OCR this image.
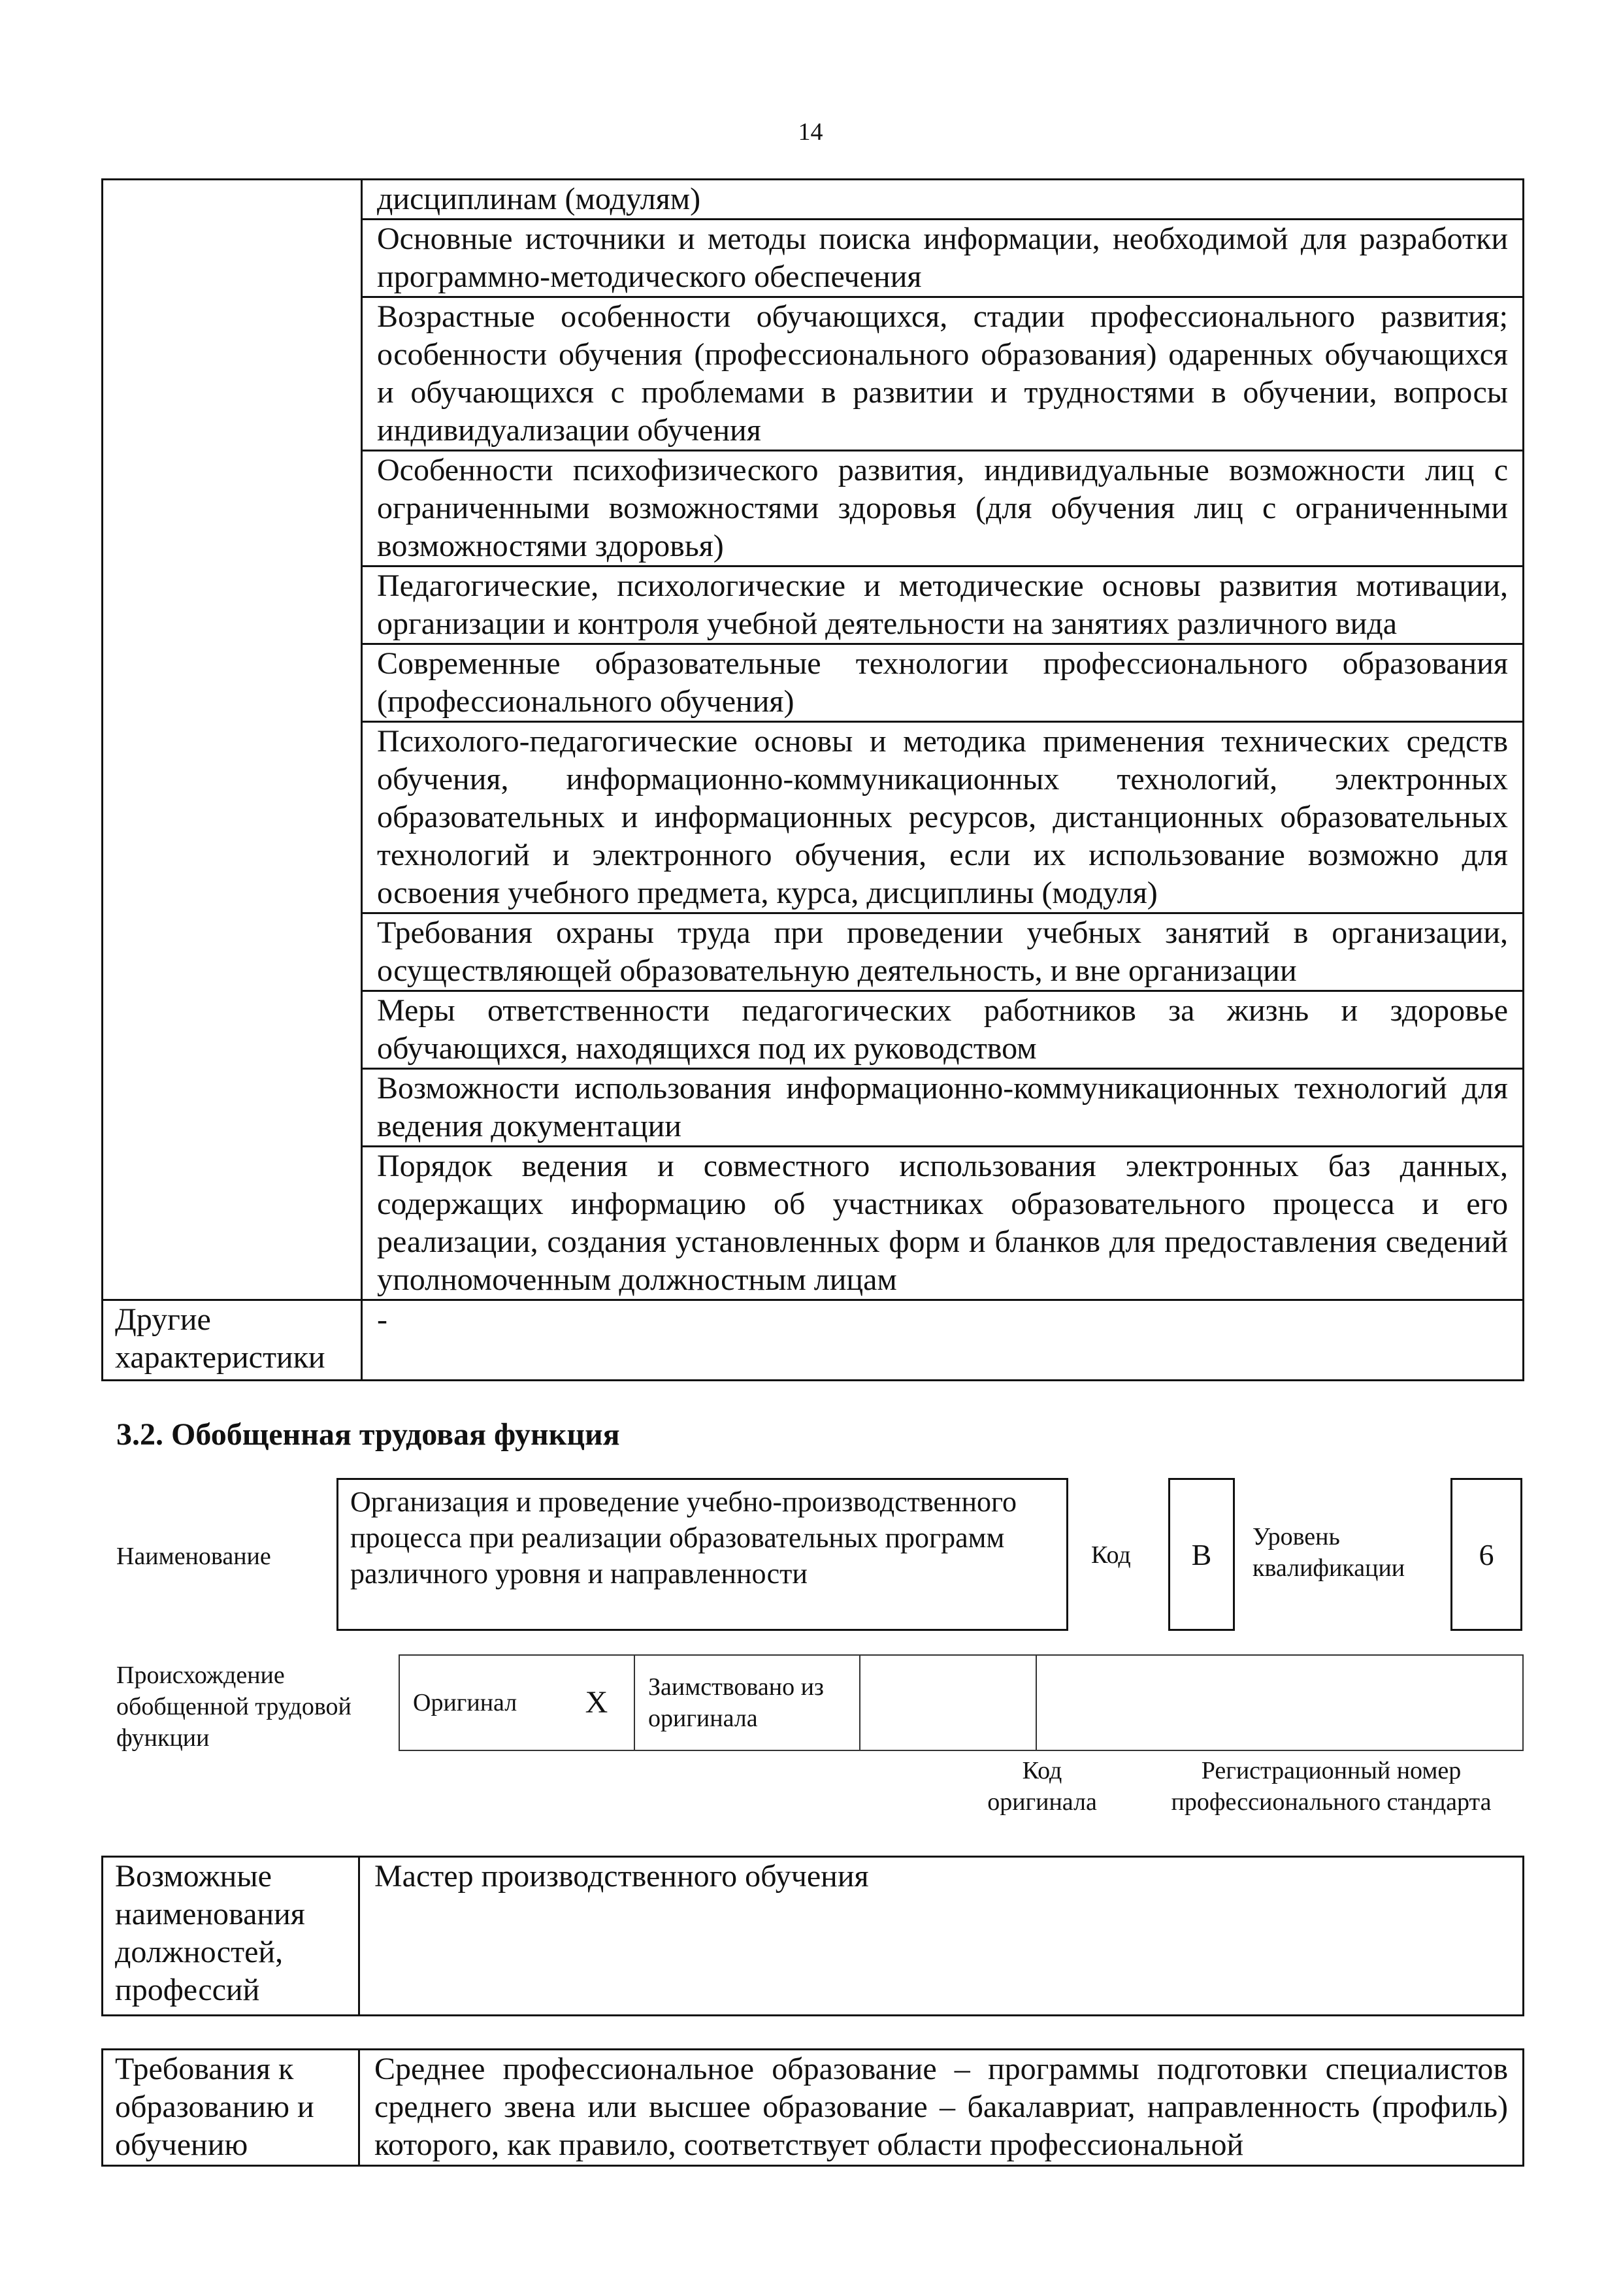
14
	дисциплинам (модулям)
	Основные источники и методы поиска информации, необходимой для разработки программно-методического обеспечения
	Возрастные особенности обучающихся, стадии профессионального развития; особенности обучения (профессионального образования) одаренных обучающихся и обучающихся с проблемами в развитии и трудностями в обучении, вопросы индивидуализации обучения
	Особенности психофизического развития, индивидуальные возможности лиц с ограниченными возможностями здоровья (для обучения лиц с ограниченными возможностями здоровья)
	Педагогические, психологические и методические основы развития мотивации, организации и контроля учебной деятельности на занятиях различного вида
	Современные образовательные технологии профессионального образования (профессионального обучения)
	Психолого-педагогические основы и методика применения технических средств обучения, информационно-коммуникационных технологий, электронных образовательных и информационных ресурсов, дистанционных образовательных технологий и электронного обучения, если их использование возможно для освоения учебного предмета, курса, дисциплины (модуля)
	Требования охраны труда при проведении учебных занятий в организации, осуществляющей образовательную деятельность, и вне организации
	Меры ответственности педагогических работников за жизнь и здоровье обучающихся, находящихся под их руководством
	Возможности использования информационно-коммуникационных технологий для ведения документации
	Порядок ведения и совместного использования электронных баз данных, содержащих информацию об участниках образовательного процесса и его реализации, создания установленных форм и бланков для предоставления сведений уполномоченным должностным лицам
Другие характеристики	-
3.2. Обобщенная трудовая функция
Наименование
Организация и проведение учебно-производственного процесса при реализации образовательных программ различного уровня и направленности
Код B
Уровень квалификации	6
Происхождение обобщенной трудовой функции
Оригинал	X	Заимствовано из оригинала		
Код оригинала
Регистрационный номер профессионального стандарта
Возможные наименования должностей, профессий	Мастер производственного обучения
Требования к образованию и обучению	Среднее профессиональное образование – программы подготовки специалистов среднего звена или высшее образование – бакалавриат, направленность (профиль) которого, как правило, соответствует области профессиональной
